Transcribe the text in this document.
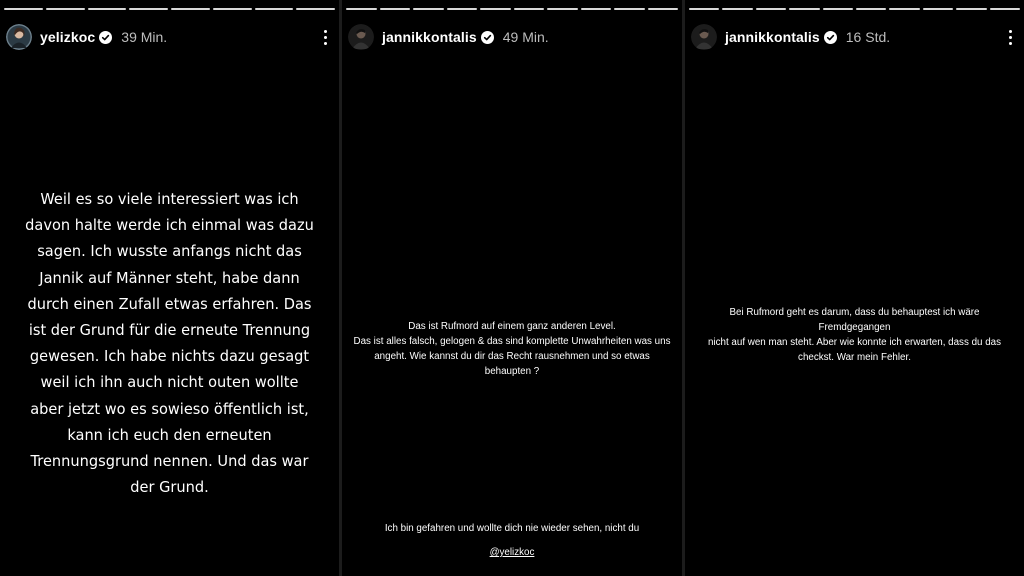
yelizkoc 39 Min.
Weil es so viele interessiert was ich davon halte werde ich einmal was dazu sagen. Ich wusste anfangs nicht das Jannik auf Männer steht, habe dann durch einen Zufall etwas erfahren. Das ist der Grund für die erneute Trennung gewesen. Ich habe nichts dazu gesagt weil ich ihn auch nicht outen wollte aber jetzt wo es sowieso öffentlich ist, kann ich euch den erneuten Trennungsgrund nennen. Und das war der Grund.
jannikkontalis 49 Min.
Das ist Rufmord auf einem ganz anderen Level.
Das ist alles falsch, gelogen & das sind komplette Unwahrheiten was uns
angeht. Wie kannst du dir das Recht rausnehmen und so etwas behaupten ?
Ich bin gefahren und wollte dich nie wieder sehen, nicht du
@yelizkoc
jannikkontalis 16 Std.
Bei Rufmord geht es darum, dass du behauptest ich wäre Fremdgegangen
nicht auf wen man steht. Aber wie konnte ich erwarten, dass du das
checkst. War mein Fehler.
